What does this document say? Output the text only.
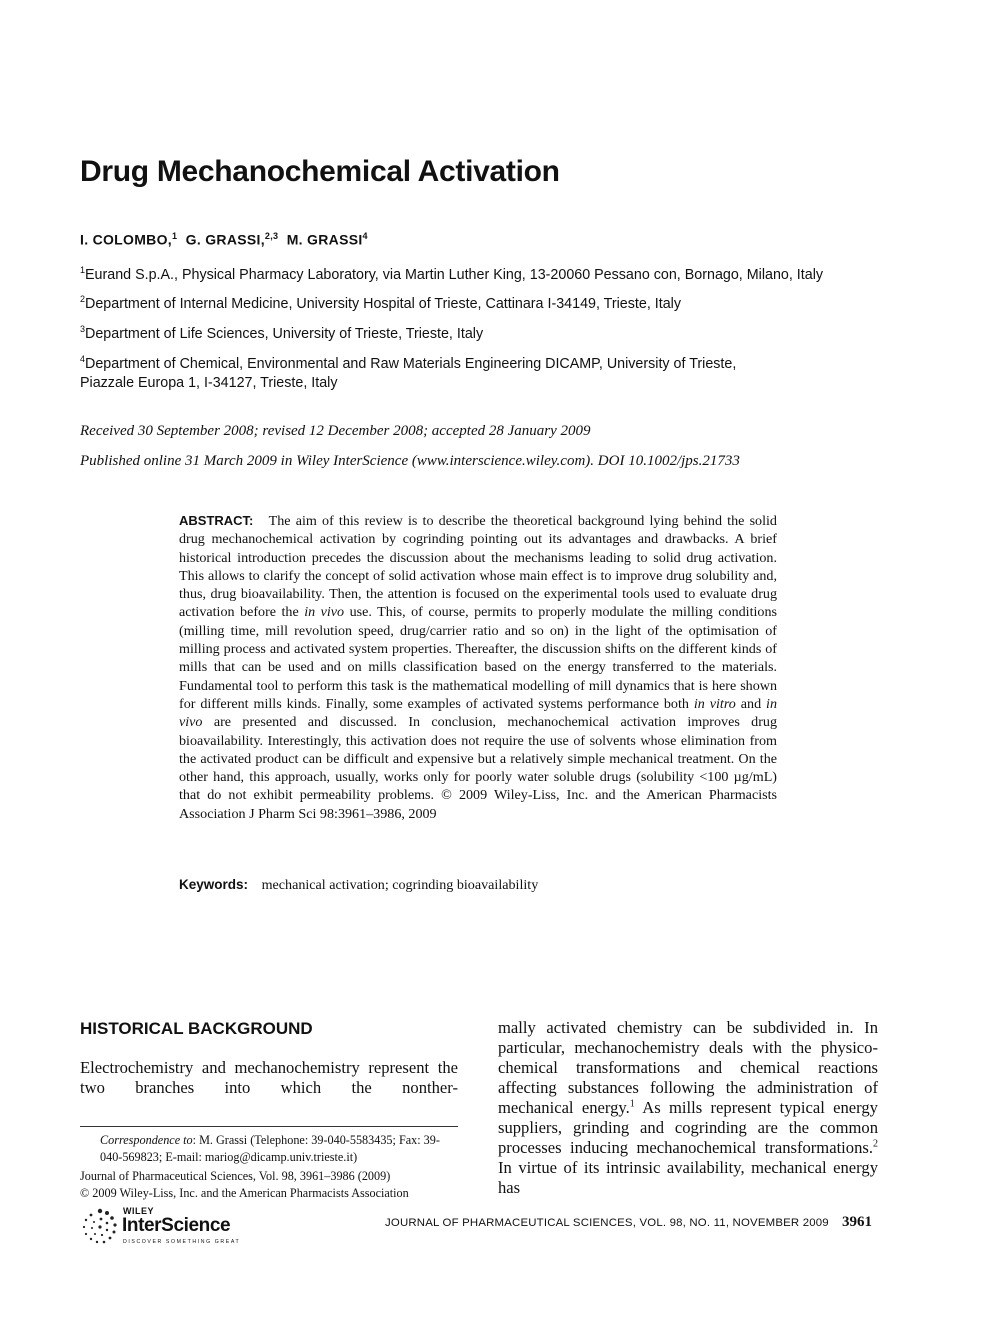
Drug Mechanochemical Activation
I. COLOMBO,$^1$ G. GRASSI,$^{2,3}$ M. GRASSI$^4$
$^1$Eurand S.p.A., Physical Pharmacy Laboratory, via Martin Luther King, 13-20060 Pessano con, Bornago, Milano, Italy
$^2$Department of Internal Medicine, University Hospital of Trieste, Cattinara I-34149, Trieste, Italy
$^3$Department of Life Sciences, University of Trieste, Trieste, Italy
$^4$Department of Chemical, Environmental and Raw Materials Engineering DICAMP, University of Trieste,
Piazzale Europa 1, I-34127, Trieste, Italy
Received 30 September 2008; revised 12 December 2008; accepted 28 January 2009
Published online 31 March 2009 in Wiley InterScience (www.interscience.wiley.com). DOI 10.1002/jps.21733
ABSTRACT: The aim of this review is to describe the theoretical background lying behind the solid drug mechanochemical activation by cogrinding pointing out its advantages and drawbacks. A brief historical introduction precedes the discussion about the mechanisms leading to solid drug activation. This allows to clarify the concept of solid activation whose main effect is to improve drug solubility and, thus, drug bioavailability. Then, the attention is focused on the experimental tools used to evaluate drug activation before the in vivo use. This, of course, permits to properly modulate the milling conditions (milling time, mill revolution speed, drug/carrier ratio and so on) in the light of the optimisation of milling process and activated system properties. Thereafter, the discussion shifts on the different kinds of mills that can be used and on mills classification based on the energy transferred to the materials. Fundamental tool to perform this task is the mathematical modelling of mill dynamics that is here shown for different mills kinds. Finally, some examples of activated systems performance both in vitro and in vivo are presented and discussed. In conclusion, mechanochemical activation improves drug bioavailability. Interestingly, this activation does not require the use of solvents whose elimination from the activated product can be difficult and expensive but a relatively simple mechanical treatment. On the other hand, this approach, usually, works only for poorly water soluble drugs (solubility <100 µg/mL) that do not exhibit permeability problems. © 2009 Wiley-Liss, Inc. and the American Pharmacists Association J Pharm Sci 98:3961–3986, 2009
Keywords: mechanical activation; cogrinding bioavailability
HISTORICAL BACKGROUND
Electrochemistry and mechanochemistry represent the two branches into which the nonther-
mally activated chemistry can be subdivided in. In particular, mechanochemistry deals with the physico-chemical transformations and chemical reactions affecting substances following the administration of mechanical energy.$^1$ As mills represent typical energy suppliers, grinding and cogrinding are the common processes inducing mechanochemical transformations.$^2$ In virtue of its intrinsic availability, mechanical energy has
Correspondence to: M. Grassi (Telephone: 39-040-5583435; Fax: 39-040-569823; E-mail: mariog@dicamp.univ.trieste.it)
Journal of Pharmaceutical Sciences, Vol. 98, 3961–3986 (2009)
© 2009 Wiley-Liss, Inc. and the American Pharmacists Association
WILEY
InterScience
DISCOVER SOMETHING GREAT
JOURNAL OF PHARMACEUTICAL SCIENCES, VOL. 98, NO. 11, NOVEMBER 2009 3961
